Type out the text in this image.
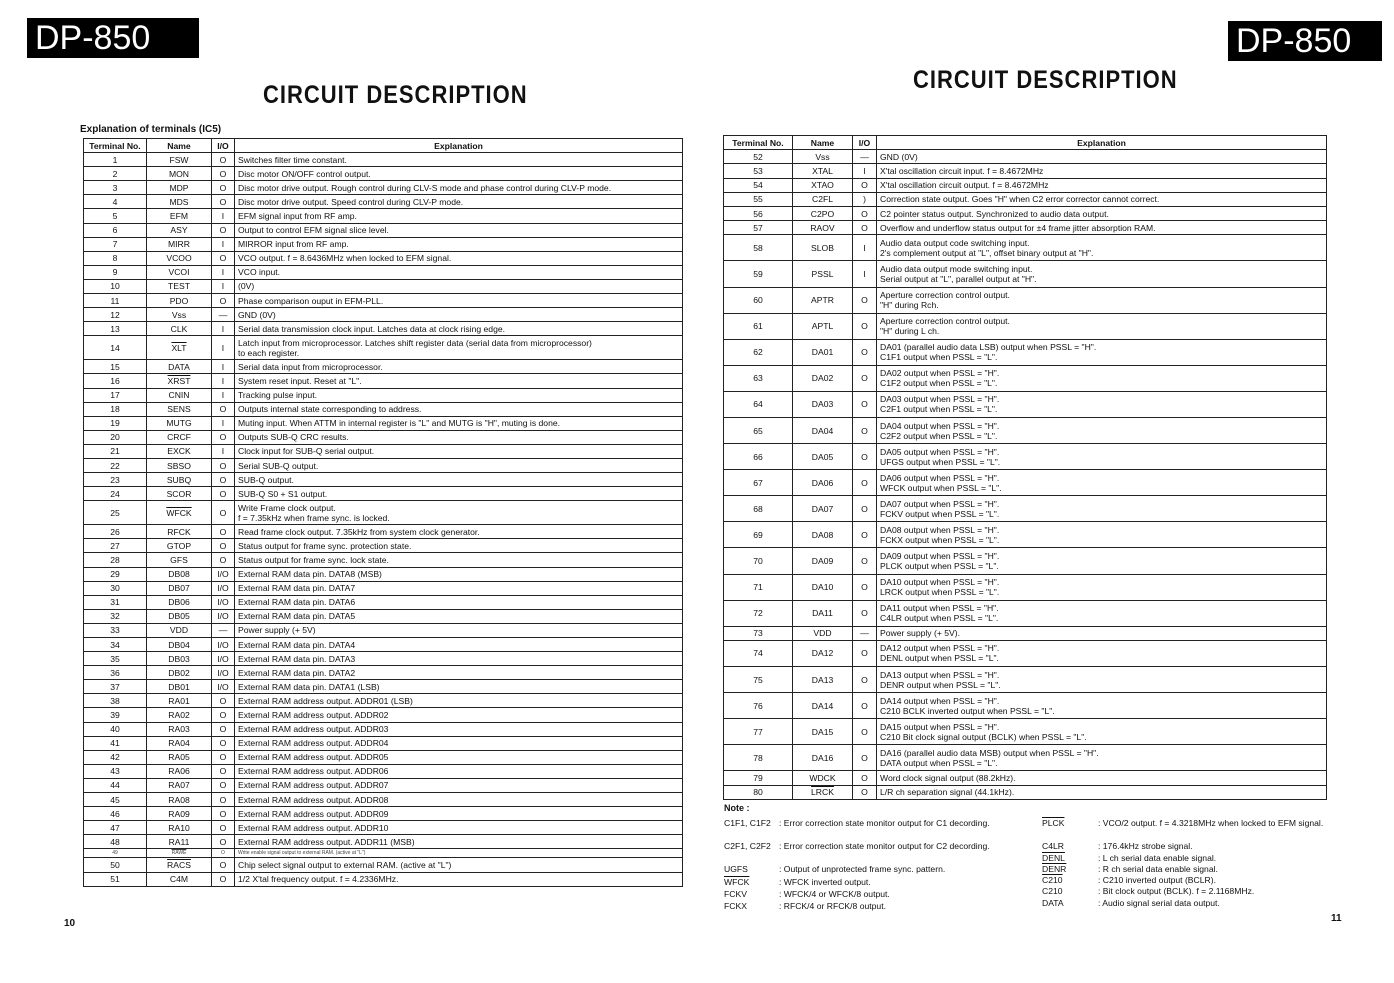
DP-850
CIRCUIT DESCRIPTION
Explanation of terminals (IC5)
Terminal No.	Name	I/O	Explanation
1	FSW	O	Switches filter time constant.

2	MON	O	Disc motor ON/OFF control output.

3	MDP	O	Disc motor drive output. Rough control during CLV-S mode and phase control during CLV-P mode.

4	MDS	O	Disc motor drive output. Speed control during CLV-P mode.

5	EFM	I	EFM signal input from RF amp.

6	ASY	O	Output to control EFM signal slice level.

7	MIRR	I	MIRROR input from RF amp.

8	VCOO	O	VCO output. f = 8.6436MHz when locked to EFM signal.

9	VCOI	I	VCO input.

10	TEST	I	(0V)

11	PDO	O	Phase comparison ouput in EFM-PLL.

12	Vss	—	GND (0V)

13	CLK	I	Serial data transmission clock input. Latches data at clock rising edge.

14	$\overline{XLT}$	I	Latch input from microprocessor. Latches shift register data (serial data from microprocessor)
to each register.

15	DATA	I	Serial data input from microprocessor.

16	XRST	I	System reset input. Reset at "L".

17	CNIN	I	Tracking pulse input.

18	SENS	O	Outputs internal state corresponding to address.

19	MUTG	I	Muting input. When ATTM in internal register is "L" and MUTG is "H", muting is done.

20	CRCF	O	Outputs SUB-Q CRC results.

21	EXCK	I	Clock input for SUB-Q serial output.

22	SBSO	O	Serial SUB-Q output.

23	SUBQ	O	SUB-Q output.

24	SCOR	O	SUB-Q S0 + S1 output.

25	WFCK	O	Write Frame clock output.
f = 7.35kHz when frame sync. is locked.

26	RFCK	O	Read frame clock output. 7.35kHz from system clock generator.

27	GTOP	O	Status output for frame sync. protection state.

28	GFS	O	Status output for frame sync. lock state.

29	DB08	I/O	External RAM data pin. DATA8 (MSB)

30	DB07	I/O	External RAM data pin. DATA7

31	DB06	I/O	External RAM data pin. DATA6

32	DB05	I/O	External RAM data pin. DATA5

33	VDD	—	Power supply (+ 5V)

34	DB04	I/O	External RAM data pin. DATA4

35	DB03	I/O	External RAM data pin. DATA3

36	DB02	I/O	External RAM data pin. DATA2

37	DB01	I/O	External RAM data pin. DATA1 (LSB)

38	RA01	O	External RAM address output. ADDR01 (LSB)

39	RA02	O	External RAM address output. ADDR02

40	RA03	O	External RAM address output. ADDR03

41	RA04	O	External RAM address output. ADDR04

42	RA05	O	External RAM address output. ADDR05

43	RA06	O	External RAM address output. ADDR06

44	RA07	O	External RAM address output. ADDR07

45	RA08	O	External RAM address output. ADDR08

46	RA09	O	External RAM address output. ADDR09

47	RA10	O	External RAM address output. ADDR10

48	RA11	O	External RAM address output. ADDR11 (MSB)

49	RAWE	O	Write enable signal output to external RAM. (active at "L")

50	RACS	O	Chip select signal output to external RAM. (active at "L")

51	C4M	O	1/2 X'tal frequency output. f = 4.2336MHz.
10
DP-850
CIRCUIT DESCRIPTION
Terminal No.	Name	I/O	Explanation
52	Vss	—	GND (0V)

53	XTAL	I	X'tal oscillation circuit input. f = 8.4672MHz

54	XTAO	O	X'tal oscillation circuit output. f = 8.4672MHz

55	C2FL	)	Correction state output. Goes "H" when C2 error corrector cannot correct.

56	C2PO	O	C2 pointer status output. Synchronized to audio data output.

57	RAOV	O	Overflow and underflow status output for ±4 frame jitter absorption RAM.

58	SLOB	I	Audio data output code switching input.
2's complement output at "L", offset binary output at "H".

59	PSSL	I	Audio data output mode switching input.
Serial output at "L", parallel output at "H".

60	APTR	O	Aperture correction control output.
"H" during Rch.

61	APTL	O	Aperture correction control output.
"H" during L ch.

62	DA01	O	DA01 (parallel audio data LSB) output when PSSL = "H".
C1F1 output when PSSL = "L".

63	DA02	O	DA02 output when PSSL = "H".
C1F2 output when PSSL = "L".

64	DA03	O	DA03 output when PSSL = "H".
C2F1 output when PSSL = "L".

65	DA04	O	DA04 output when PSSL = "H".
C2F2 output when PSSL = "L".

66	DA05	O	DA05 output when PSSL = "H".
UFGS output when PSSL = "L".

67	DA06	O	DA06 output when PSSL = "H".
WFCK output when PSSL = "L".

68	DA07	O	DA07 output when PSSL = "H".
FCKV output when PSSL = "L".

69	DA08	O	DA08 output when PSSL = "H".
FCKX output when PSSL = "L".

70	DA09	O	DA09 output when PSSL = "H".
PLCK output when PSSL = "L".

71	DA10	O	DA10 output when PSSL = "H".
LRCK output when PSSL = "L".

72	DA11	O	DA11 output when PSSL = "H".
C4LR output when PSSL = "L".

73	VDD	—	Power supply (+ 5V).

74	DA12	O	DA12 output when PSSL = "H".
DENL output when PSSL = "L".

75	DA13	O	DA13 output when PSSL = "H".
DENR output when PSSL = "L".

76	DA14	O	DA14 output when PSSL = "H".
C210 BCLK inverted output when PSSL = "L".

77	DA15	O	DA15 output when PSSL = "H".
C210 Bit clock signal output (BCLK) when PSSL = "L".

78	DA16	O	DA16 (parallel audio data MSB) output when PSSL = "H".
DATA output when PSSL = "L".

79	WDCK	O	Word clock signal output (88.2kHz).

80	LRCK	O	L/R ch separation signal (44.1kHz).
Note :
C1F1, C1F2 : Error correction state monitor output for C1 decording.
C2F1, C2F2 : Error correction state monitor output for C2 decording.
UGFS	: Output of unprotected frame sync. pattern.
WFCK	: WFCK inverted output.
FCKV	: WFCK/4 or WFCK/8 output.
FCKX	: RFCK/4 or RFCK/8 output.
PLCK	: VCO/2 output. f = 4.3218MHz when locked to EFM signal.
C4LR	: 176.4kHz strobe signal.
DENL	: L ch serial data enable signal.
DENR	: R ch serial data enable signal.
C210	: C210 inverted output (BCLR).
C210	: Bit clock output (BCLK). f = 2.1168MHz.
DATA	: Audio signal serial data output.
11
